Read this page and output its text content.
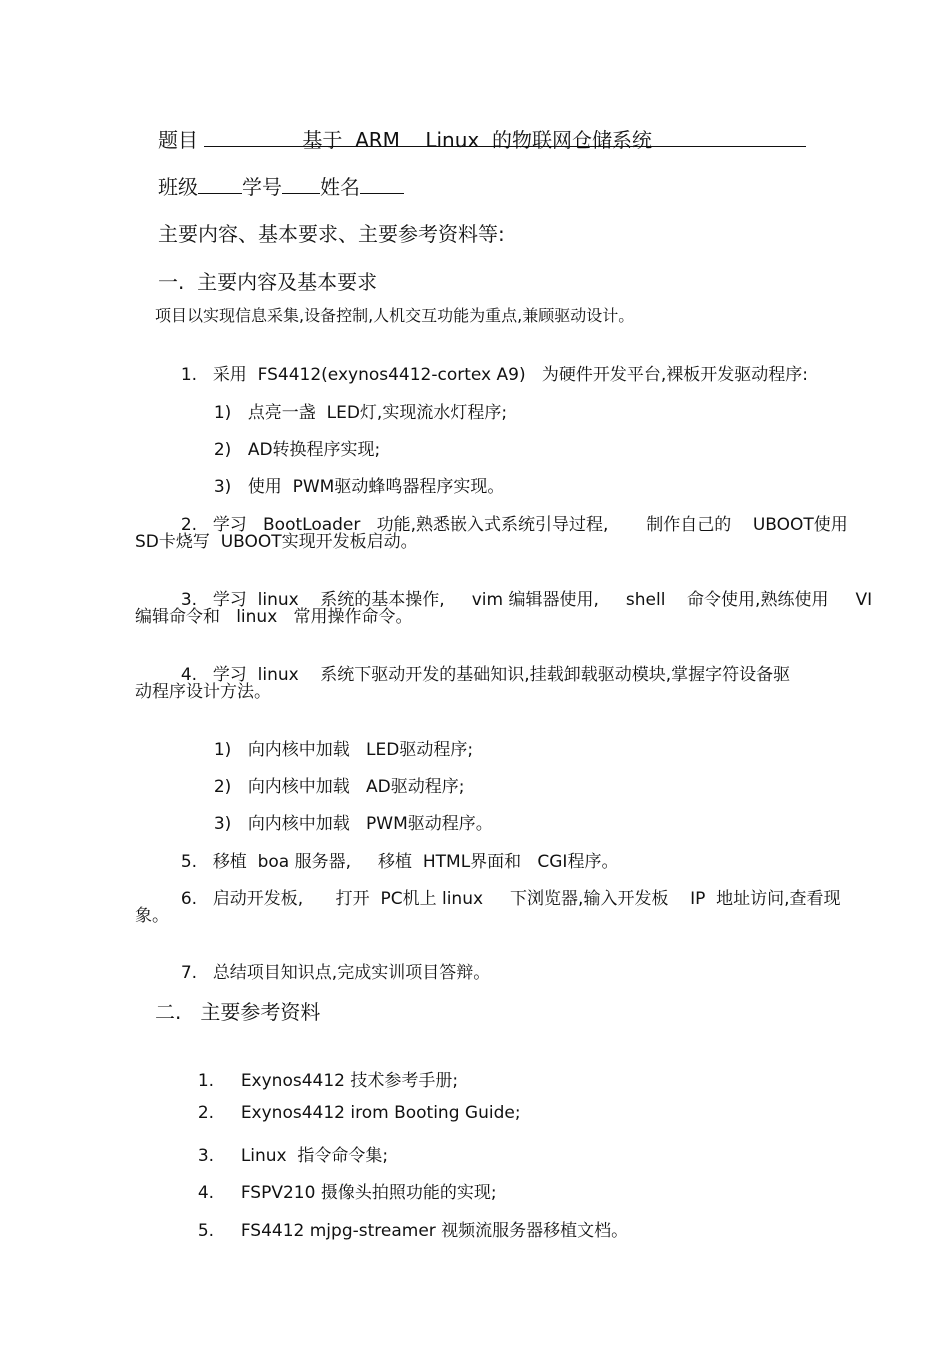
题目	基于  ARM    Linux  的物联网仓储系统
班级 学号 姓名
主要内容、基本要求、主要参考资料等:
一.  主要内容及基本要求
项目以实现信息采集,设备控制,人机交互功能为重点,兼顾驱动设计。

1. 采用  FS4412(exynos4412-cortex A9)   为硬件开发平台,裸板开发驱动程序:

1) 点亮一盏  LED灯,实现流水灯程序;

2) AD转换程序实现;

3) 使用  PWM驱动蜂鸣器程序实现。

2. 学习   BootLoader   功能,熟悉嵌入式系统引导过程,       制作自己的    UBOOT使用

SD卡烧写  UBOOT实现开发板启动。

3. 学习  linux    系统的基本操作,     vim 编辑器使用,     shell    命令使用,熟练使用     VI

编辑命令和   linux   常用操作命令。

4. 学习  linux    系统下驱动开发的基础知识,挂载卸载驱动模块,掌握字符设备驱

动程序设计方法。

1) 向内核中加载   LED驱动程序;

2) 向内核中加载   AD驱动程序;

3) 向内核中加载   PWM驱动程序。

5. 移植  boa 服务器,     移植  HTML界面和   CGI程序。

6. 启动开发板,      打开  PC机上 linux     下浏览器,输入开发板    IP  地址访问,查看现

象。

7. 总结项目知识点,完成实训项目答辩。

二.   主要参考资料

1. Exynos4412 技术参考手册;

2. Exynos4412 irom Booting Guide;

3. Linux  指令命令集;

4. FSPV210 摄像头拍照功能的实现;

5. FS4412 mjpg-streamer 视频流服务器移植文档。
